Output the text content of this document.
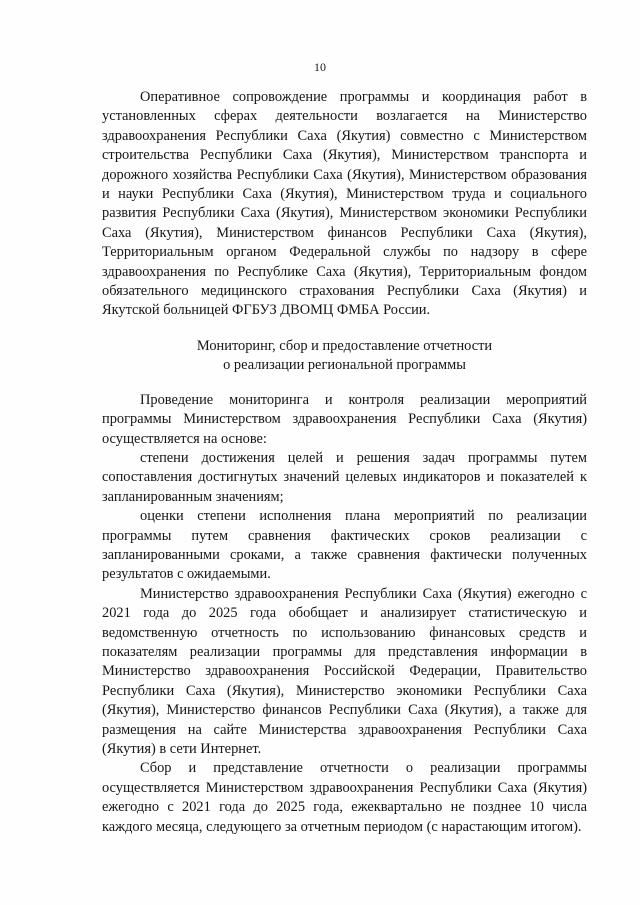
10

Оперативное сопровождение программы и координация работ в установленных сферах деятельности возлагается на Министерство здравоохранения Республики Саха (Якутия) совместно с Министерством строительства Республики Саха (Якутия), Министерством транспорта и дорожного хозяйства Республики Саха (Якутия), Министерством образования и науки Республики Саха (Якутия), Министерством труда и социального развития Республики Саха (Якутия), Министерством экономики Республики Саха (Якутия), Министерством финансов Республики Саха (Якутия), Территориальным органом Федеральной службы по надзору в сфере здравоохранения по Республике Саха (Якутия), Территориальным фондом обязательного медицинского страхования Республики Саха (Якутия) и Якутской больницей ФГБУЗ ДВОМЦ ФМБА России.

Мониторинг, сбор и предоставление отчетности
о реализации региональной программы

Проведение мониторинга и контроля реализации мероприятий программы Министерством здравоохранения Республики Саха (Якутия) осуществляется на основе:

степени достижения целей и решения задач программы путем сопоставления достигнутых значений целевых индикаторов и показателей к запланированным значениям;

оценки степени исполнения плана мероприятий по реализации программы путем сравнения фактических сроков реализации с запланированными сроками, а также сравнения фактически полученных результатов с ожидаемыми.

Министерство здравоохранения Республики Саха (Якутия) ежегодно с 2021 года до 2025 года обобщает и анализирует статистическую и ведомственную отчетность по использованию финансовых средств и показателям реализации программы для представления информации в Министерство здравоохранения Российской Федерации, Правительство Республики Саха (Якутия), Министерство экономики Республики Саха (Якутия), Министерство финансов Республики Саха (Якутия), а также для размещения на сайте Министерства здравоохранения Республики Саха (Якутия) в сети Интернет.

Сбор и представление отчетности о реализации программы осуществляется Министерством здравоохранения Республики Саха (Якутия) ежегодно с 2021 года до 2025 года, ежеквартально не позднее 10 числа каждого месяца, следующего за отчетным периодом (с нарастающим итогом).
